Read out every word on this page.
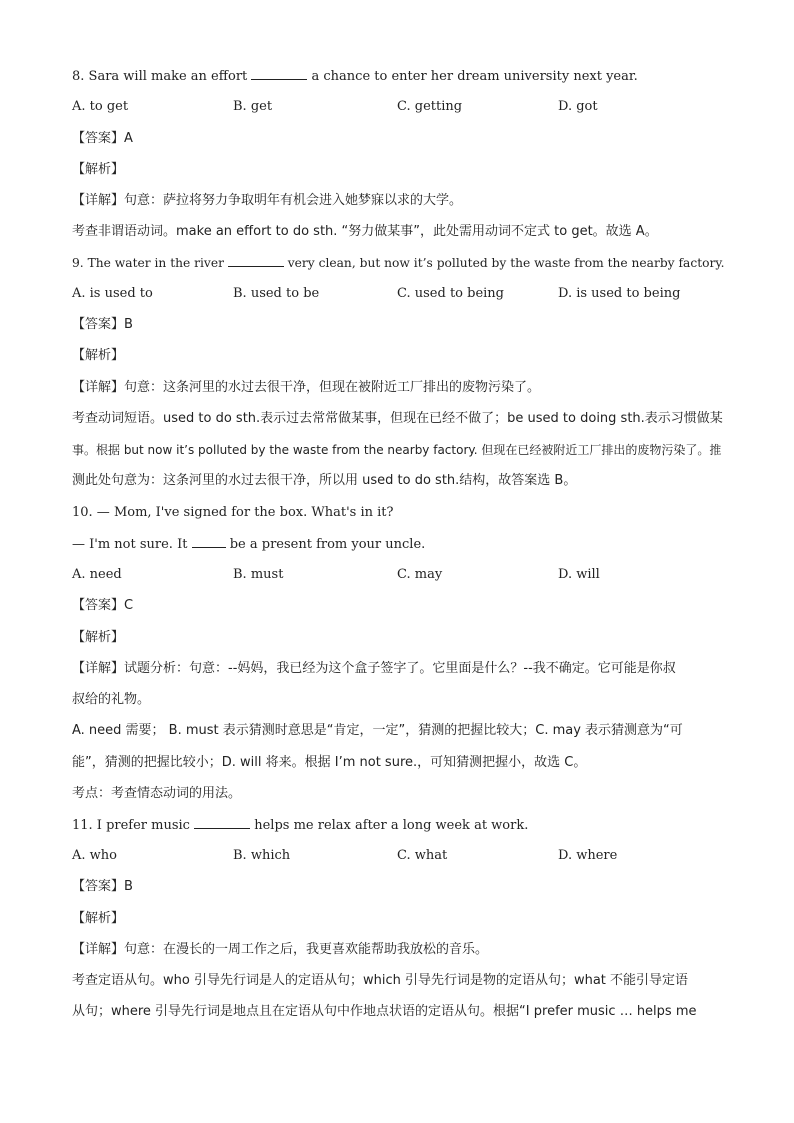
8. Sara will make an effort	a chance to enter her dream university next year.
A. to get	B. get	C. getting	D. got
【答案】A
【解析】
【详解】句意：萨拉将努力争取明年有机会进入她梦寐以求的大学。
考查非谓语动词。make an effort to do sth. “努力做某事”，此处需用动词不定式 to get。故选 A。
9. The water in the river	very clean, but now it’s polluted by the waste from the nearby factory.
A. is used to	B. used to be	C. used to being	D. is used to being
【答案】B
【解析】
【详解】句意：这条河里的水过去很干净，但现在被附近工厂排出的废物污染了。
考查动词短语。used to do sth.表示过去常常做某事，但现在已经不做了；be used to doing sth.表示习惯做某
事。根据 but now it’s polluted by the waste from the nearby factory. 但现在已经被附近工厂排出的废物污染了。推
测此处句意为：这条河里的水过去很干净，所以用 used to do sth.结构，故答案选 B。
10. — Mom, I've signed for the box. What's in it?
— I'm not sure. It	be a present from your uncle.
A. need	B. must	C. may	D. will
【答案】C
【解析】
【详解】试题分析：句意：--妈妈，我已经为这个盒子签字了。它里面是什么？--我不确定。它可能是你叔
叔给的礼物。
A. need 需要； B. must 表示猜测时意思是“肯定，一定”，猜测的把握比较大；C. may 表示猜测意为“可
能”，猜测的把握比较小；D. will 将来。根据 I’m not sure.，可知猜测把握小，故选 C。
考点：考查情态动词的用法。
11. I prefer music	helps me relax after a long week at work.
A. who	B. which	C. what	D. where
【答案】B
【解析】
【详解】句意：在漫长的一周工作之后，我更喜欢能帮助我放松的音乐。
考查定语从句。who 引导先行词是人的定语从句；which 引导先行词是物的定语从句；what 不能引导定语
从句；where 引导先行词是地点且在定语从句中作地点状语的定语从句。根据“I prefer music … helps me
